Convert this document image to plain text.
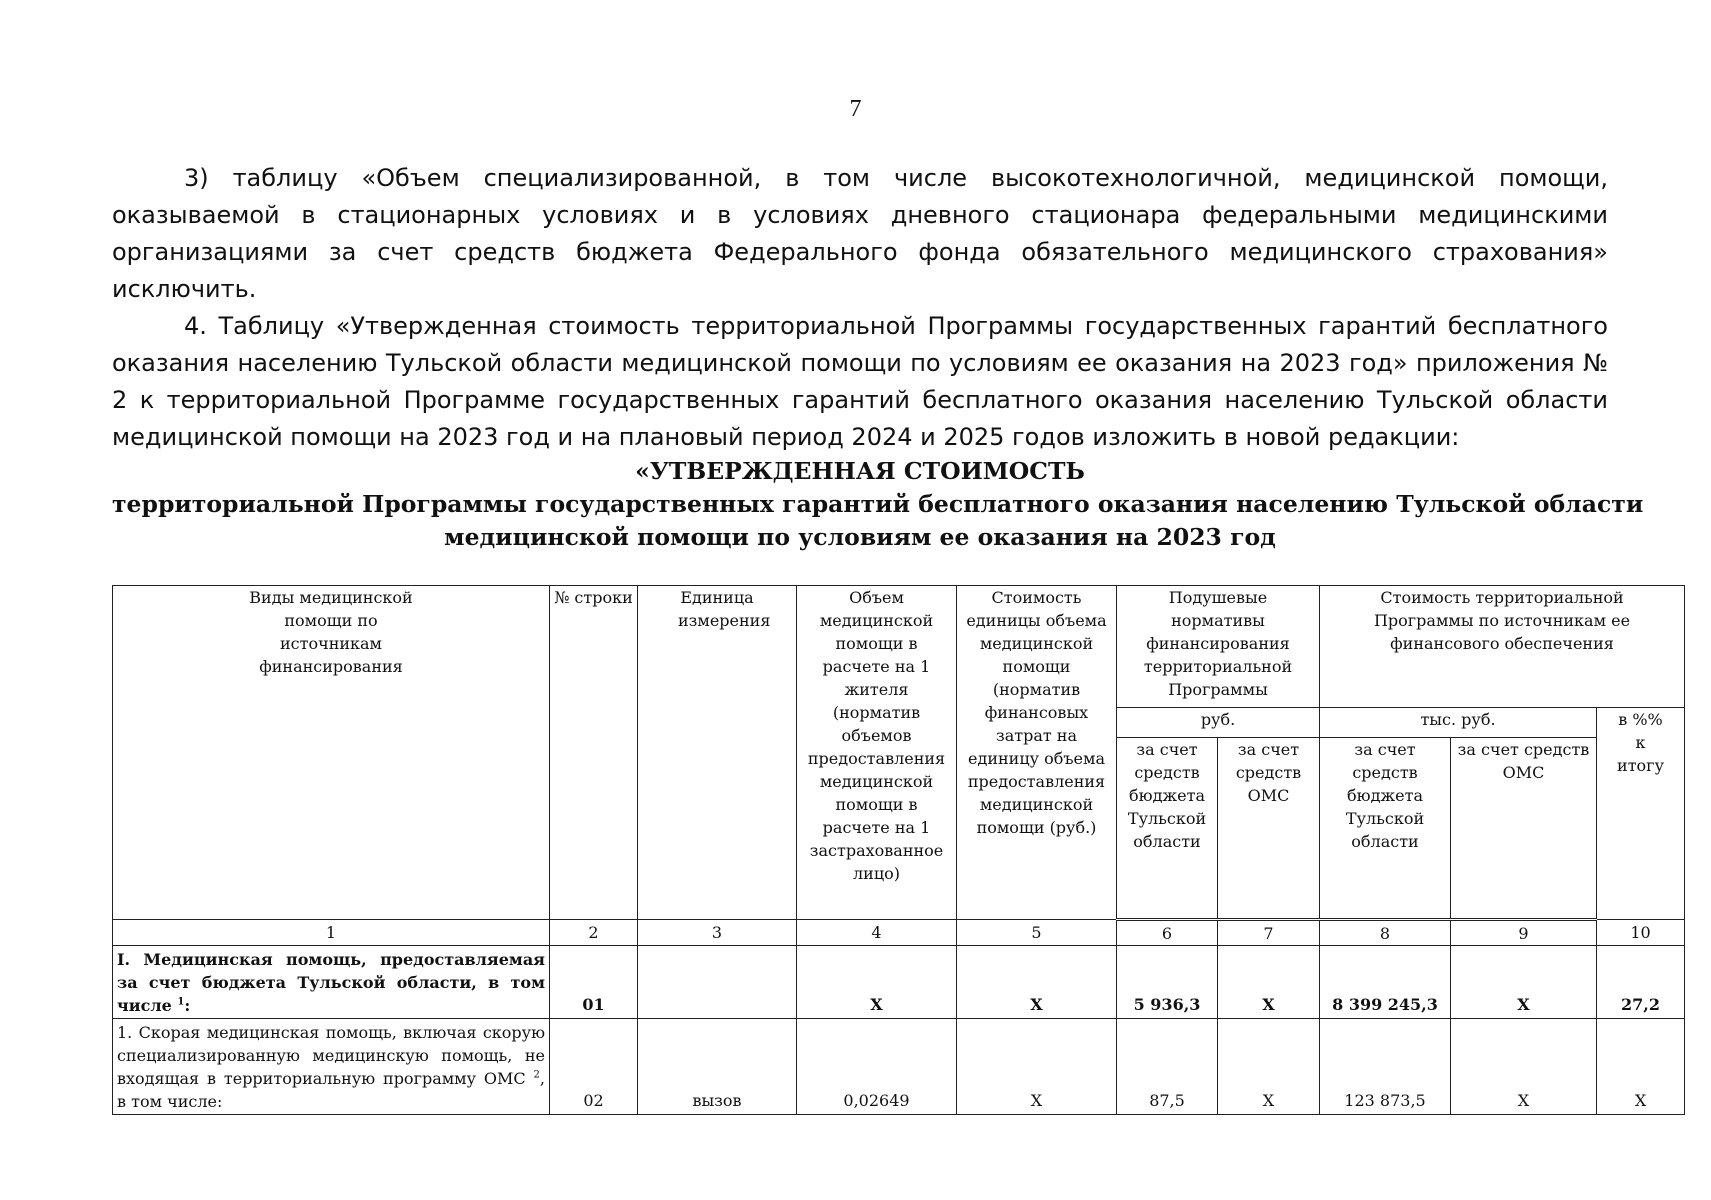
7

3) таблицу «Объем специализированной, в том числе высокотехнологичной, медицинской помощи, оказываемой в стационарных условиях и в условиях дневного стационара федеральными медицинскими организациями за счет средств бюджета Федерального фонда обязательного медицинского страхования» исключить.

4. Таблицу «Утвержденная стоимость территориальной Программы государственных гарантий бесплатного оказания населению Тульской области медицинской помощи по условиям ее оказания на 2023 год» приложения № 2 к территориальной Программе государственных гарантий бесплатного оказания населению Тульской области медицинской помощи на 2023 год и на плановый период 2024 и 2025 годов изложить в новой редакции:

«УТВЕРЖДЕННАЯ СТОИМОСТЬ
территориальной Программы государственных гарантий бесплатного оказания населению Тульской области
медицинской помощи по условиям ее оказания на 2023 год
Виды медицинской помощи по источникам финансирования	№ строки	Единица измерения	Объем медицинской помощи в расчете на 1 жителя (норматив объемов предоставления медицинской помощи в расчете на 1 застрахованное лицо)	Стоимость единицы объема медицинской помощи (норматив финансовых затрат на единицу объема предоставления медицинской помощи (руб.)	Подушевые нормативы финансирования территориальной Программы		Стоимость территориальной Программы по источникам ее финансового обеспечения		
					руб.		тыс. руб.		в %% к итогу
					за счет средств бюджета Тульской области	за счет средств ОМС	за счет средств бюджета Тульской области	за счет средств ОМС	
1	2	3	4	5	6	7	8	9	10

I. Медицинская помощь, предоставляемая за счет бюджета Тульской области, в том числе $^1$:	01		X	X	5 936,3	X	8 399 245,3	X	27,2

1. Скорая медицинская помощь, включая скорую специализированную медицинскую помощь, не входящая в территориальную программу ОМС $^2$, в том числе:	02	вызов	0,02649	X	87,5	X	123 873,5	X	X
